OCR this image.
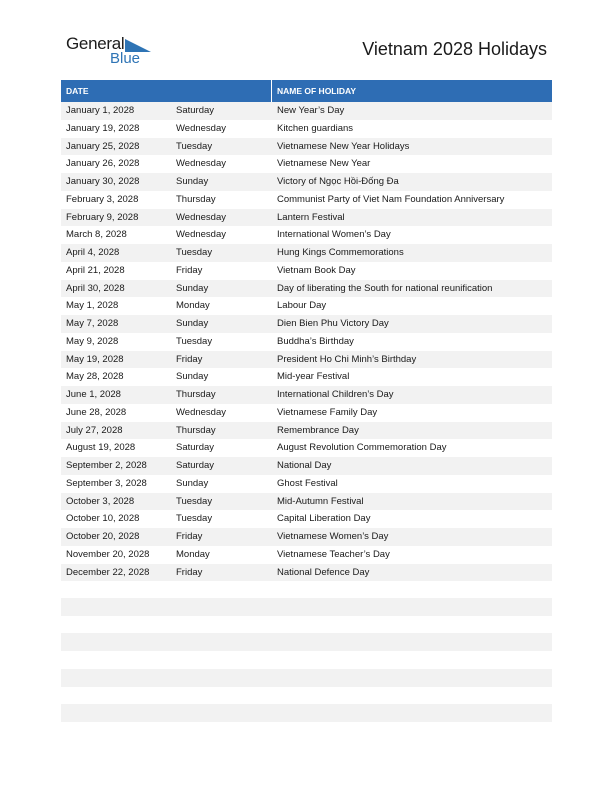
General
Blue	Vietnam 2028 Holidays
DATE	NAME OF HOLIDAY
January 1, 2028	Saturday	New Year’s Day
January 19, 2028	Wednesday	Kitchen guardians
January 25, 2028	Tuesday	Vietnamese New Year Holidays
January 26, 2028	Wednesday	Vietnamese New Year
January 30, 2028	Sunday	Victory of Ngọc Hồi-Đống Đa
February 3, 2028	Thursday	Communist Party of Viet Nam Foundation Anniversary
February 9, 2028	Wednesday	Lantern Festival
March 8, 2028	Wednesday	International Women’s Day
April 4, 2028	Tuesday	Hung Kings Commemorations
April 21, 2028	Friday	Vietnam Book Day
April 30, 2028	Sunday	Day of liberating the South for national reunification
May 1, 2028	Monday	Labour Day
May 7, 2028	Sunday	Dien Bien Phu Victory Day
May 9, 2028	Tuesday	Buddha’s Birthday
May 19, 2028	Friday	President Ho Chi Minh’s Birthday
May 28, 2028	Sunday	Mid-year Festival
June 1, 2028	Thursday	International Children’s Day
June 28, 2028	Wednesday	Vietnamese Family Day
July 27, 2028	Thursday	Remembrance Day
August 19, 2028	Saturday	August Revolution Commemoration Day
September 2, 2028	Saturday	National Day
September 3, 2028	Sunday	Ghost Festival
October 3, 2028	Tuesday	Mid-Autumn Festival
October 10, 2028	Tuesday	Capital Liberation Day
October 20, 2028	Friday	Vietnamese Women’s Day
November 20, 2028	Monday	Vietnamese Teacher’s Day
December 22, 2028	Friday	National Defence Day
